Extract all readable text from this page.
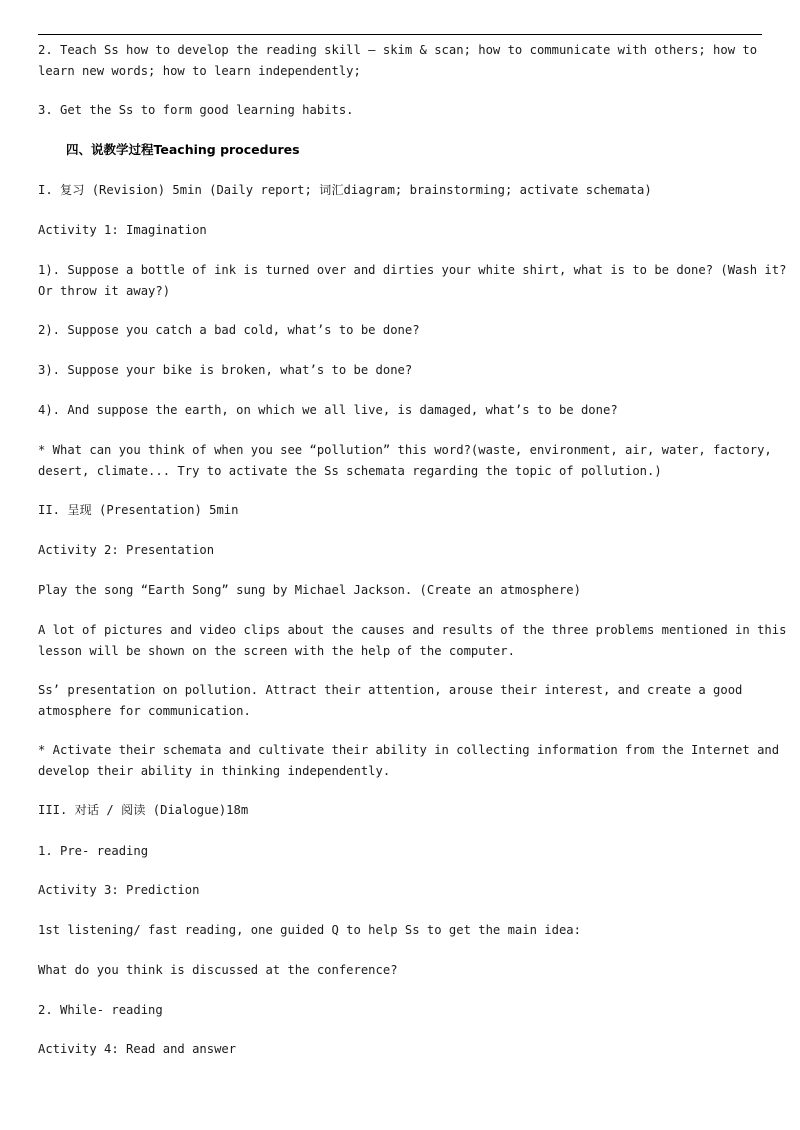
2. Teach Ss how to develop the reading skill — skim & scan; how to communicate with others; how to
learn new words; how to learn independently;
3. Get the Ss to form good learning habits.
四、说教学过程Teaching procedures
I. 复习 (Revision) 5min (Daily report; 词汇diagram; brainstorming; activate schemata)
Activity 1: Imagination
1). Suppose a bottle of ink is turned over and dirties your white shirt, what is to be done? (Wash it?
Or throw it away?)
2). Suppose you catch a bad cold, what’s to be done?
3). Suppose your bike is broken, what’s to be done?
4). And suppose the earth, on which we all live, is damaged, what’s to be done?
* What can you think of when you see “pollution” this word?(waste, environment, air, water, factory,
desert, climate... Try to activate the Ss schemata regarding the topic of pollution.)
II. 呈现 (Presentation) 5min
Activity 2: Presentation
Play the song “Earth Song” sung by Michael Jackson. (Create an atmosphere)
A lot of pictures and video clips about the causes and results of the three problems mentioned in this
lesson will be shown on the screen with the help of the computer.
Ss’ presentation on pollution. Attract their attention, arouse their interest, and create a good
atmosphere for communication.
* Activate their schemata and cultivate their ability in collecting information from the Internet and
develop their ability in thinking independently.
III. 对话 / 阅读 (Dialogue)18m
1. Pre- reading
Activity 3: Prediction
1st listening/ fast reading, one guided Q to help Ss to get the main idea:
What do you think is discussed at the conference?
2. While- reading
Activity 4: Read and answer
